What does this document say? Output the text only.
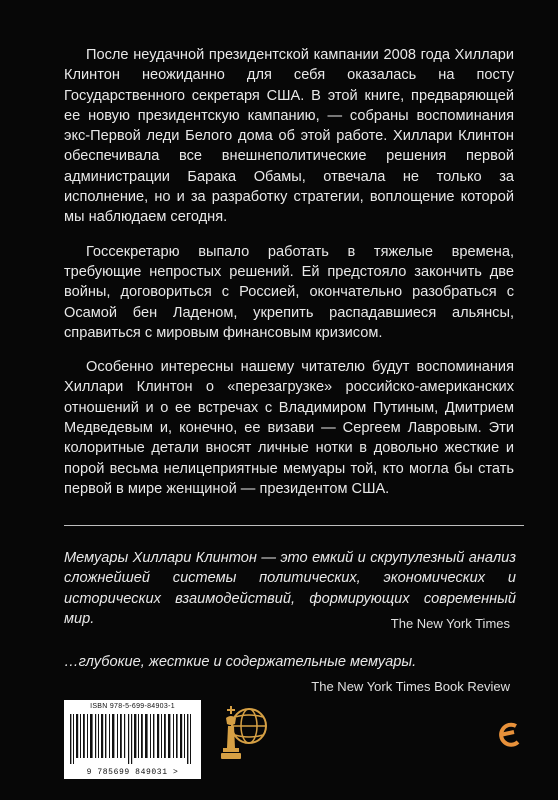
После неудачной президентской кампании 2008 года Хиллари Клинтон неожиданно для себя оказалась на посту Государственного секретаря США. В этой книге, предваряющей ее новую президентскую кампанию, — собраны воспоминания экс-Первой леди Белого дома об этой работе. Хиллари Клинтон обеспечивала все внешнеполитические решения первой администрации Барака Обамы, отвечала не только за исполнение, но и за разработку стратегии, воплощение которой мы наблюдаем сегодня.

Госсекретарю выпало работать в тяжелые времена, требующие непростых решений. Ей предстояло закончить две войны, договориться с Россией, окончательно разобраться с Осамой бен Ладеном, укрепить распадавшиеся альянсы, справиться с мировым финансовым кризисом.

Особенно интересны нашему читателю будут воспоминания Хиллари Клинтон о «перезагрузке» российско-американских отношений и о ее встречах с Владимиром Путиным, Дмитрием Медведевым и, конечно, ее визави — Сергеем Лавровым. Эти колоритные детали вносят личные нотки в довольно жесткие и порой весьма нелицеприятные мемуары той, кто могла бы стать первой в мире женщиной — президентом США.

Мемуары Хиллари Клинтон — это емкий и скрупулезный анализ сложнейшей системы политических, экономических и исторических взаимодействий, формирующих современный мир.	The New York Times
…глубокие, жесткие и содержательные мемуары.
The New York Times Book Review
ISBN 978-5-699-84903-1
9 785699 849031 >
